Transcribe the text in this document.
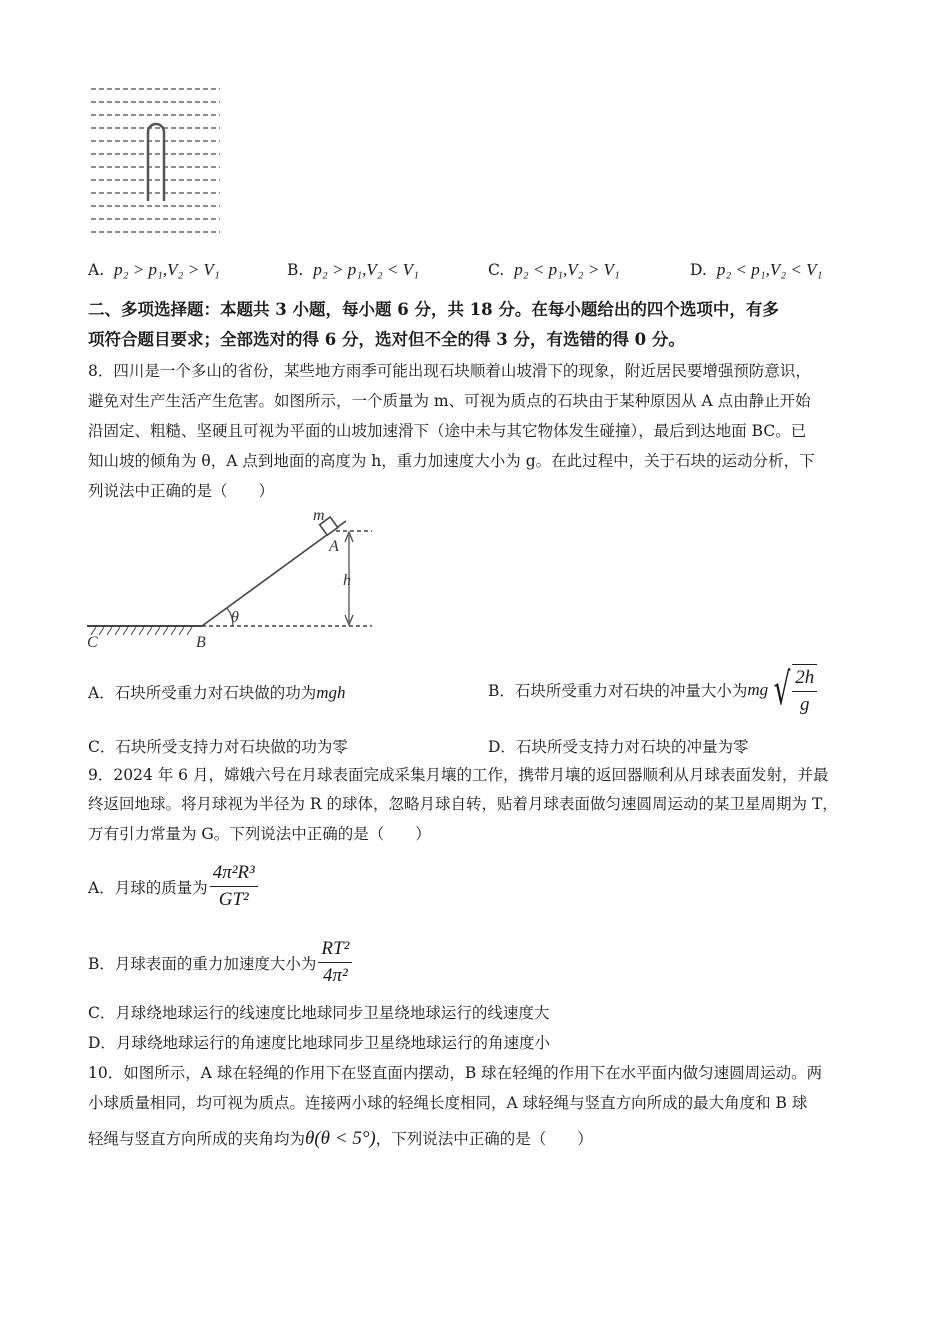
A. p₂ > p₁,V₂ > V₁	B. p₂ > p₁,V₂ < V₁	C. p₂ < p₁,V₂ > V₁	D. p₂ < p₁,V₂ < V₁
二、多项选择题：本题共 3 小题，每小题 6 分，共 18 分。在每小题给出的四个选项中，有多
项符合题目要求；全部选对的得 6 分，选对但不全的得 3 分，有选错的得 0 分。
8．四川是一个多山的省份，某些地方雨季可能出现石块顺着山坡滑下的现象，附近居民要增强预防意识，
避免对生产生活产生危害。如图所示，一个质量为 m、可视为质点的石块由于某种原因从 A 点由静止开始
沿固定、粗糙、坚硬且可视为平面的山坡加速滑下（途中未与其它物体发生碰撞），最后到达地面 BC。已
知山坡的倾角为 θ，A 点到地面的高度为 h，重力加速度大小为 g。在此过程中，关于石块的运动分析，下
列说法中正确的是（　　）
m
A
h
θ
C	B
A．石块所受重力对石块做的功为mgh	B． 石块所受重力对石块的冲量大小为 mg √ $\frac{2h}{g}$
C．石块所受支持力对石块做的功为零	D．石块所受支持力对石块的冲量为零
9．2024 年 6 月，嫦娥六号在月球表面完成采集月壤的工作，携带月壤的返回器顺利从月球表面发射，并最
终返回地球。将月球视为半径为 R 的球体，忽略月球自转，贴着月球表面做匀速圆周运动的某卫星周期为 T，
万有引力常量为 G。下列说法中正确的是（　　）
A． 月球的质量为 $\frac{\text{4π²R³}}{\text{GT²}}$
B． 月球表面的重力加速度大小为 $\frac{\text{RT²}}{\text{4π²}}$
C．月球绕地球运行的线速度比地球同步卫星绕地球运行的线速度大
D．月球绕地球运行的角速度比地球同步卫星绕地球运行的角速度小
10．如图所示，A 球在轻绳的作用下在竖直面内摆动，B 球在轻绳的作用下在水平面内做匀速圆周运动。两
小球质量相同，均可视为质点。连接两小球的轻绳长度相同，A 球轻绳与竖直方向所成的最大角度和 B 球
轻绳与竖直方向所成的夹角均为θ(θ < 5°)，下列说法中正确的是（　　）
